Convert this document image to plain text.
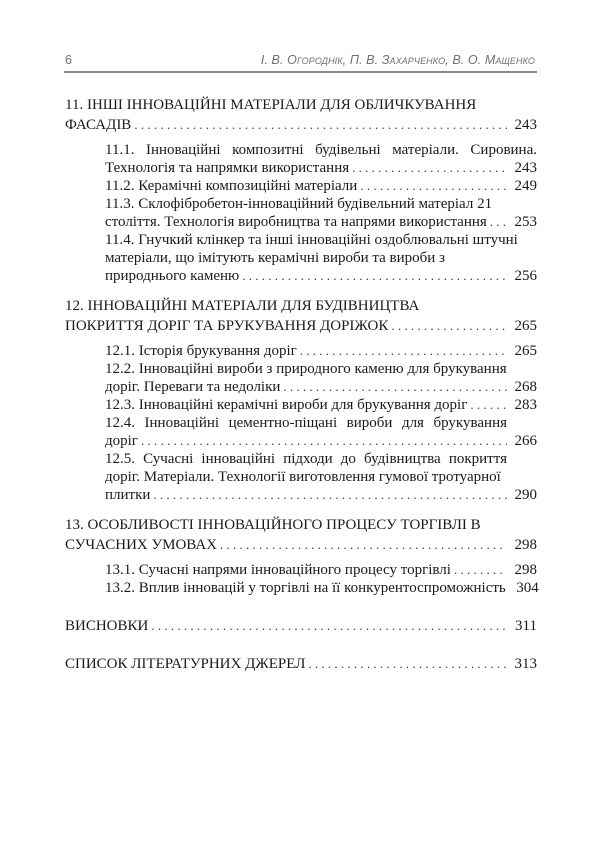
6	І. В. Огороднік, П. В. Захарченко, В. О. Мащенко
11. ІНШІ ІННОВАЦІЙНІ МАТЕРІАЛИ ДЛЯ ОБЛИЧКУВАННЯ
ФАСАДІВ . . .	243
11.1. Інноваційні композитні будівельні матеріали. Сировина.
Технологія та напрямки використання . . .	243
11.2. Керамічні композиційні матеріали . . .	249
11.3. Склофібробетон-інноваційний будівельний матеріал 21
століття. Технологія виробництва та напрями використання . . . 253
11.4. Гнучкий клінкер та інші інноваційні оздоблювальні штучні
матеріали, що імітують керамічні вироби та вироби з
природнього каменю . . .	256
12. ІННОВАЦІЙНІ МАТЕРІАЛИ ДЛЯ БУДІВНИЦТВА
ПОКРИТТЯ ДОРІГ ТА БРУКУВАННЯ ДОРІЖОК . . .	265
12.1. Історія брукування доріг . . .	265
12.2. Інноваційні вироби з природного каменю для брукування
доріг. Переваги та недоліки . . .	268
12.3. Інноваційні керамічні вироби для брукування доріг . . .	283
12.4. Інноваційні цементно-піщані вироби для брукування
доріг . . .	266
12.5. Сучасні інноваційні підходи до будівництва покриття
доріг. Матеріали. Технології виготовлення гумової тротуарної
плитки . . .	290
13. ОСОБЛИВОСТІ ІННОВАЦІЙНОГО ПРОЦЕСУ ТОРГІВЛІ В
СУЧАСНИХ УМОВАХ . . .	298
13.1. Сучасні напрями інноваційного процесу торгівлі . . .	298
13.2. Вплив інновацій у торгівлі на її конкурентоспроможність 304
ВИСНОВКИ . . .	311
СПИСОК ЛІТЕРАТУРНИХ ДЖЕРЕЛ . . .	313
